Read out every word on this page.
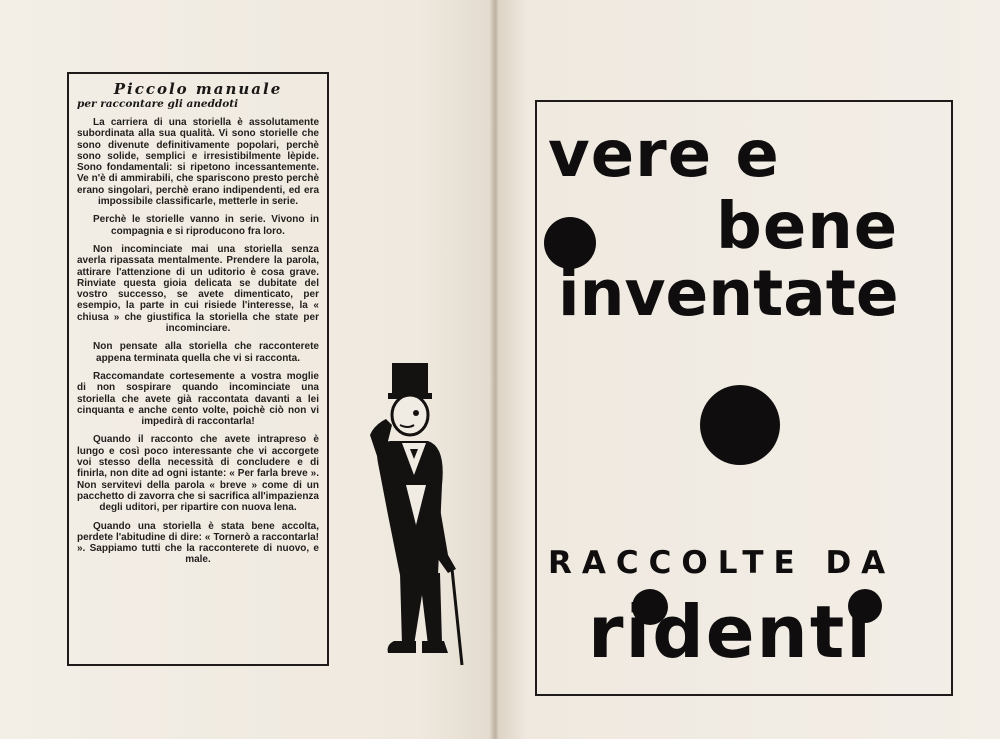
Piccolo manuale

per raccontare gli aneddoti

La carriera di una storiella è assolutamente subordinata alla sua qualità. Vi sono storielle che sono divenute definitivamente popolari, perchè sono solide, semplici e irresistibilmente lèpide. Sono fondamentali: si ripetono incessantemente. Ve n'è di ammirabili, che spariscono presto perchè erano singolari, perchè erano indipendenti, ed era impossibile classificarle, metterle in serie.

Perchè le storielle vanno in serie. Vivono in compagnia e si riproducono fra loro.

Non incominciate mai una storiella senza averla ripassata mentalmente. Prendere la parola, attirare l'attenzione di un uditorio è cosa grave. Rinviate questa gioia delicata se dubitate del vostro successo, se avete dimenticato, per esempio, la parte in cui risiede l'interesse, la « chiusa » che giustifica la storiella che state per incominciare.

Non pensate alla storiella che racconterete appena terminata quella che vi si racconta.

Raccomandate cortesemente a vostra moglie di non sospirare quando incominciate una storiella che avete già raccontata davanti a lei cinquanta e anche cento volte, poichè ciò non vi impedirà di raccontarla!

Quando il racconto che avete intrapreso è lungo e così poco interessante che vi accorgete voi stesso della necessità di concludere e di finirla, non dite ad ogni istante: « Per farla breve ». Non servitevi della parola « breve » come di un pacchetto di zavorra che si sacrifica all'impazienza degli uditori, per ripartire con nuova lena.

Quando una storiella è stata bene accolta, perdete l'abitudine di dire: « Tornerò a raccontarla! ». Sappiamo tutti che la racconterete di nuovo, e male.

vere e
bene
inventate
RACCOLTE DA
ridenti
